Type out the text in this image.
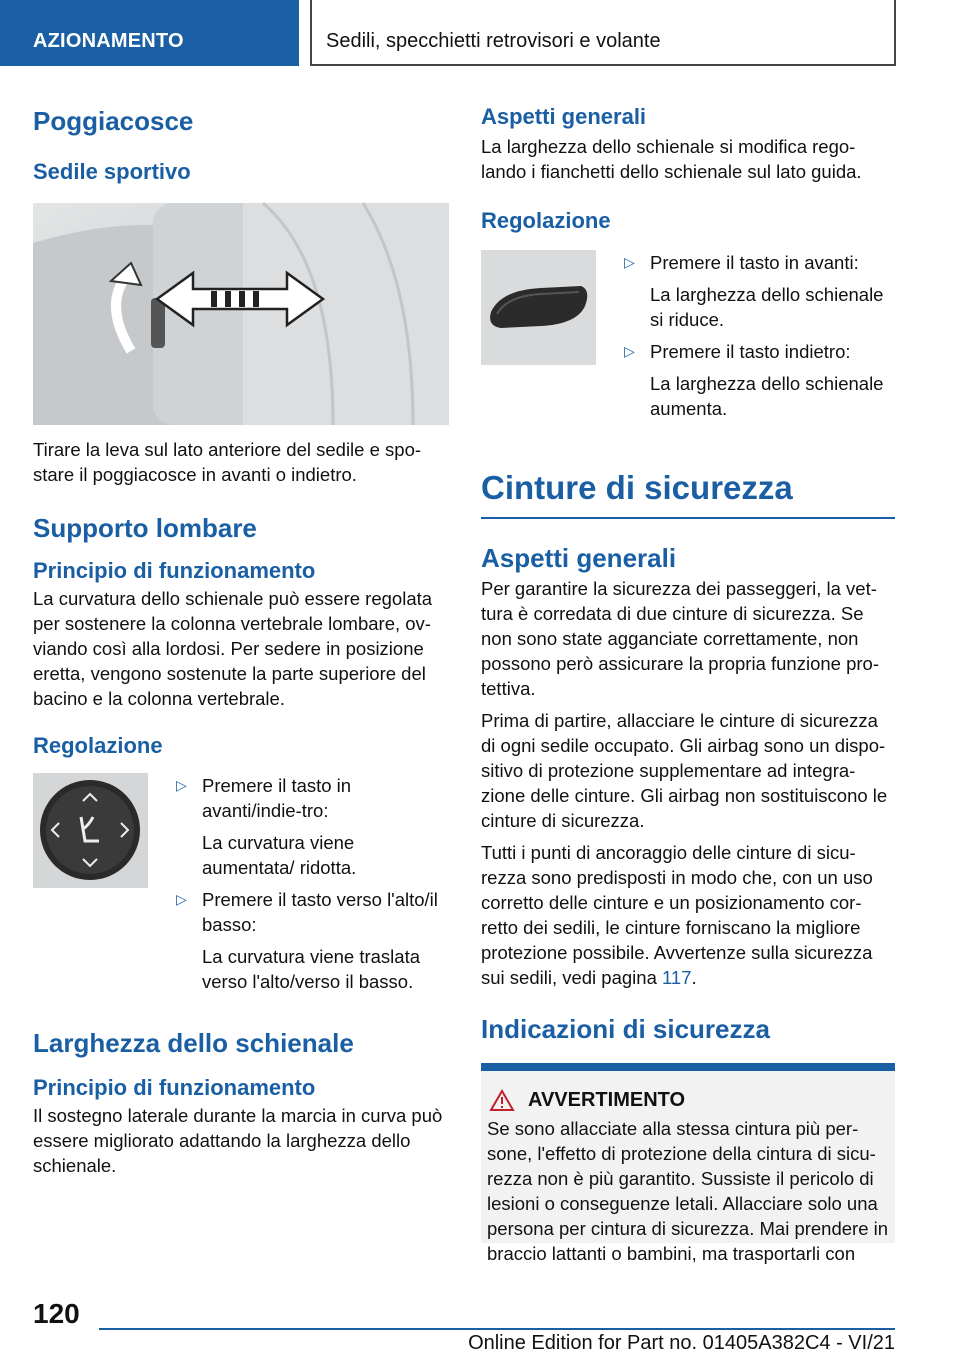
AZIONAMENTO	Sedili, specchietti retrovisori e volante
Poggiacosce
Sedile sportivo

Tirare la leva sul lato anteriore del sedile e spo-stare il poggiacosce in avanti o indietro.

Supporto lombare
Principio di funzionamento

La curvatura dello schienale può essere regolata per sostenere la colonna vertebrale lombare, ov-viando così alla lordosi. Per sedere in posizione eretta, vengono sostenute la parte superiore del bacino e la colonna vertebrale.

Regolazione
▷ Premere il tasto in avanti/indie-tro:

La curvatura viene aumentata/ ridotta.

▷ Premere il tasto verso l'alto/il basso:

La curvatura viene traslata verso l'alto/verso il basso.

Larghezza dello schienale
Principio di funzionamento

Il sostegno laterale durante la marcia in curva può essere migliorato adattando la larghezza dello schienale.

Aspetti generali

La larghezza dello schienale si modifica rego-lando i fianchetti dello schienale sul lato guida.

Regolazione
▷ Premere il tasto in avanti:

La larghezza dello schienale si riduce.

▷ Premere il tasto indietro:

La larghezza dello schienale aumenta.

Cinture di sicurezza
Aspetti generali

Per garantire la sicurezza dei passeggeri, la vet-tura è corredata di due cinture di sicurezza. Se non sono state agganciate correttamente, non possono però assicurare la propria funzione pro-tettiva.

Prima di partire, allacciare le cinture di sicurezza di ogni sedile occupato. Gli airbag sono un dispo-sitivo di protezione supplementare ad integra-zione delle cinture. Gli airbag non sostituiscono le cinture di sicurezza.

Tutti i punti di ancoraggio delle cinture di sicu-rezza sono predisposti in modo che, con un uso corretto delle cinture e un posizionamento cor-retto dei sedili, le cinture forniscano la migliore protezione possibile. Avvertenze sulla sicurezza sui sedili, vedi pagina 117.

Indicazioni di sicurezza
AVVERTIMENTO

Se sono allacciate alla stessa cintura più per-sone, l'effetto di protezione della cintura di sicu-rezza non è più garantito. Sussiste il pericolo di lesioni o conseguenze letali. Allacciare solo una persona per cintura di sicurezza. Mai prendere in braccio lattanti o bambini, ma trasportarli con

120
Online Edition for Part no. 01405A382C4 - VI/21
